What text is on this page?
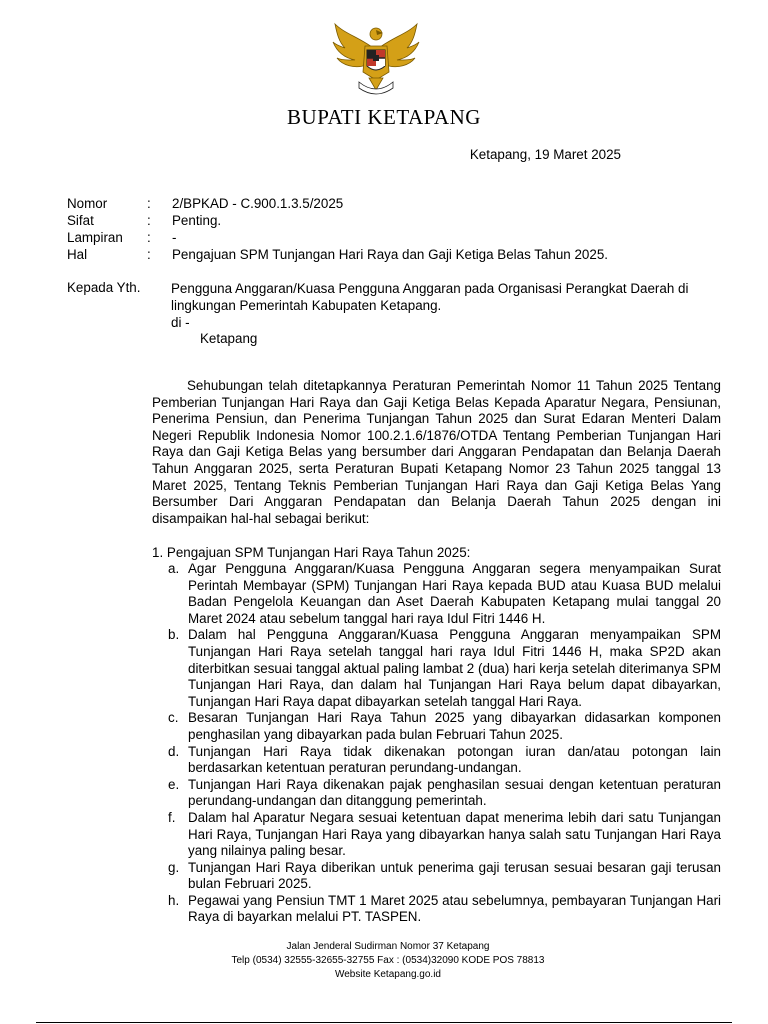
BUPATI KETAPANG
Ketapang, 19 Maret 2025
Nomor	:	2/BPKAD - C.900.1.3.5/2025
Sifat	:	Penting.
Lampiran	:	-
Hal	:	Pengajuan SPM Tunjangan Hari Raya dan Gaji Ketiga Belas Tahun 2025.
Kepada Yth. Pengguna Anggaran/Kuasa Pengguna Anggaran pada Organisasi Perangkat Daerah di lingkungan Pemerintah Kabupaten Ketapang.
di -
Ketapang
Sehubungan telah ditetapkannya Peraturan Pemerintah Nomor 11 Tahun 2025 Tentang Pemberian Tunjangan Hari Raya dan Gaji Ketiga Belas Kepada Aparatur Negara, Pensiunan, Penerima Pensiun, dan Penerima Tunjangan Tahun 2025 dan Surat Edaran Menteri Dalam Negeri Republik Indonesia Nomor 100.2.1.6/1876/OTDA Tentang Pemberian Tunjangan Hari Raya dan Gaji Ketiga Belas yang bersumber dari Anggaran Pendapatan dan Belanja Daerah Tahun Anggaran 2025, serta Peraturan Bupati Ketapang Nomor 23 Tahun 2025 tanggal 13 Maret 2025, Tentang Teknis Pemberian Tunjangan Hari Raya dan Gaji Ketiga Belas Yang Bersumber Dari Anggaran Pendapatan dan Belanja Daerah Tahun 2025 dengan ini disampaikan hal-hal sebagai berikut:
1. Pengajuan SPM Tunjangan Hari Raya Tahun 2025:
a. Agar Pengguna Anggaran/Kuasa Pengguna Anggaran segera menyampaikan Surat Perintah Membayar (SPM) Tunjangan Hari Raya kepada BUD atau Kuasa BUD melalui Badan Pengelola Keuangan dan Aset Daerah Kabupaten Ketapang mulai tanggal 20 Maret 2024 atau sebelum tanggal hari raya Idul Fitri 1446 H.
b. Dalam hal Pengguna Anggaran/Kuasa Pengguna Anggaran menyampaikan SPM Tunjangan Hari Raya setelah tanggal hari raya Idul Fitri 1446 H, maka SP2D akan diterbitkan sesuai tanggal aktual paling lambat 2 (dua) hari kerja setelah diterimanya SPM Tunjangan Hari Raya, dan dalam hal Tunjangan Hari Raya belum dapat dibayarkan, Tunjangan Hari Raya dapat dibayarkan setelah tanggal Hari Raya.
c. Besaran Tunjangan Hari Raya Tahun 2025 yang dibayarkan didasarkan komponen penghasilan yang dibayarkan pada bulan Februari Tahun 2025.
d. Tunjangan Hari Raya tidak dikenakan potongan iuran dan/atau potongan lain berdasarkan ketentuan peraturan perundang-undangan.
e. Tunjangan Hari Raya dikenakan pajak penghasilan sesuai dengan ketentuan peraturan perundang-undangan dan ditanggung pemerintah.
f. Dalam hal Aparatur Negara sesuai ketentuan dapat menerima lebih dari satu Tunjangan Hari Raya, Tunjangan Hari Raya yang dibayarkan hanya salah satu Tunjangan Hari Raya yang nilainya paling besar.
g. Tunjangan Hari Raya diberikan untuk penerima gaji terusan sesuai besaran gaji terusan bulan Februari 2025.
h. Pegawai yang Pensiun TMT 1 Maret 2025 atau sebelumnya, pembayaran Tunjangan Hari Raya di bayarkan melalui PT. TASPEN.
Jalan Jenderal Sudirman Nomor 37 Ketapang
Telp (0534) 32555-32655-32755 Fax : (0534)32090 KODE POS 78813
Website Ketapang.go.id
